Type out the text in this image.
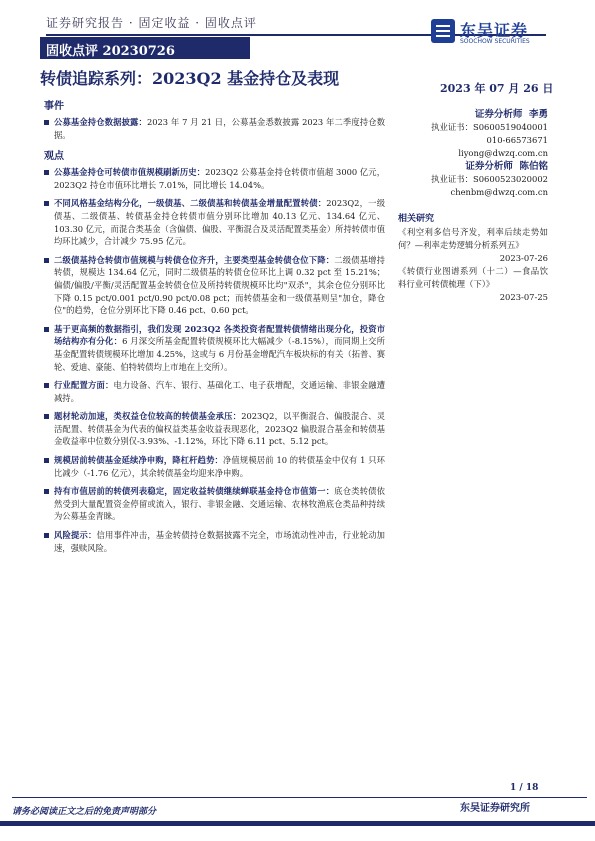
证券研究报告 · 固定收益 · 固收点评
固收点评 20230726
东吴证券
SOOCHOW SECURITIES
转债追踪系列：2023Q2 基金持仓及表现
2023 年 07 月 26 日
事件
公募基金持仓数据披露：2023 年 7 月 21 日，公募基金悉数披露 2023 年二季度持仓数据。
观点
公募基金持仓可转债市值规模刷新历史：2023Q2 公募基金持仓转债市值超 3000 亿元，2023Q2 持仓市值环比增长 7.01%，同比增长 14.04%。
不同风格基金结构分化，一级债基、二级债基和转债基金增量配置转债：2023Q2，一级债基、二级债基、转债基金持仓转债市值分别环比增加 40.13 亿元、134.64 亿元、103.30 亿元，而混合类基金（含偏债、偏股、平衡混合及灵活配置类基金）所持转债市值均环比减少，合计减少 75.95 亿元。
二级债基持仓转债市值规模与转债仓位齐升，主要类型基金转债仓位下降：二级债基增持转债，规模达 134.64 亿元，同时二级债基的转债仓位环比上调 0.32 pct 至 15.21%；偏债/偏股/平衡/灵活配置基金转债仓位及所持转债规模环比均"双杀"，其余仓位分别环比下降 0.15 pct/0.001 pct/0.90 pct/0.08 pct；而转债基金和一级债基则呈"加仓，降仓位"的趋势，仓位分别环比下降 0.46 pct、0.60 pct。
基于更高频的数据指引，我们发现 2023Q2 各类投资者配置转债情绪出现分化，投资市场结构亦有分化：6 月深交所基金配置转债规模环比大幅减少（-8.15%），而同期上交所基金配置转债规模环比增加 4.25%，这或与 6 月份基金增配汽车板块标的有关（拓普、赛轮、爱迪、豪能、伯特转债均上市地在上交所）。
行业配置方面：电力设备、汽车、银行、基础化工、电子获增配，交通运输、非银金融遭减持。
题材轮动加速，类权益仓位较高的转债基金承压：2023Q2，以平衡混合、偏股混合、灵活配置、转债基金为代表的偏权益类基金收益表现恶化，2023Q2 偏股混合基金和转债基金收益率中位数分别仅-3.93%、-1.12%，环比下降 6.11 pct、5.12 pct。
规模居前转债基金延续净申购，降杠杆趋势：净值规模居前 10 的转债基金中仅有 1 只环比减少（-1.76 亿元），其余转债基金均迎来净申购。
持有市值居前的转债列表稳定，固定收益转债继续蝉联基金持仓市值第一：底仓类转债依然受到大量配置资金停留或流入，银行、非银金融、交通运输、农林牧渔底仓类品种持续为公募基金青睐。
风险提示：信用事件冲击，基金转债持仓数据披露不完全，市场流动性冲击，行业轮动加速，强赎风险。
证券分析师 李勇
执业证书：S0600519040001
010-66573671
liyong@dwzq.com.cn
证券分析师 陈伯铭
执业证书：S0600523020002
chenbm@dwzq.com.cn
相关研究
《利空利多信号齐发，利率后续走势如何？—利率走势逻辑分析系列五》
2023-07-26
《转债行业图谱系列（十二）—食品饮料行业可转债梳理（下）》
2023-07-25
1 / 18
请务必阅读正文之后的免责声明部分	东吴证券研究所
